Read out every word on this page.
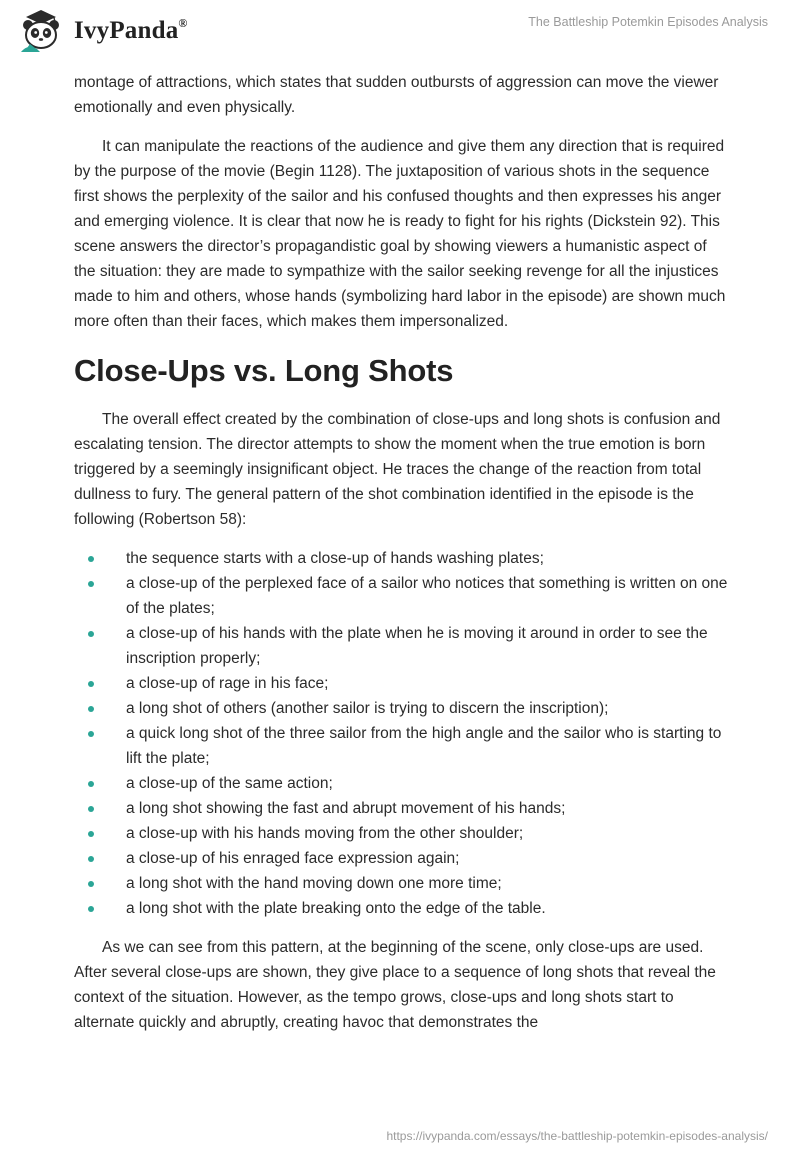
IvyPanda®	The Battleship Potemkin Episodes Analysis

montage of attractions, which states that sudden outbursts of aggression can move the viewer emotionally and even physically.

It can manipulate the reactions of the audience and give them any direction that is required by the purpose of the movie (Begin 1128). The juxtaposition of various shots in the sequence first shows the perplexity of the sailor and his confused thoughts and then expresses his anger and emerging violence. It is clear that now he is ready to fight for his rights (Dickstein 92). This scene answers the director’s propagandistic goal by showing viewers a humanistic aspect of the situation: they are made to sympathize with the sailor seeking revenge for all the injustices made to him and others, whose hands (symbolizing hard labor in the episode) are shown much more often than their faces, which makes them impersonalized.

Close-Ups vs. Long Shots

The overall effect created by the combination of close-ups and long shots is confusion and escalating tension. The director attempts to show the moment when the true emotion is born triggered by a seemingly insignificant object. He traces the change of the reaction from total dullness to fury. The general pattern of the shot combination identified in the episode is the following (Robertson 58):

the sequence starts with a close-up of hands washing plates;
a close-up of the perplexed face of a sailor who notices that something is written on one of the plates;
a close-up of his hands with the plate when he is moving it around in order to see the inscription properly;
a close-up of rage in his face;
a long shot of others (another sailor is trying to discern the inscription);
a quick long shot of the three sailor from the high angle and the sailor who is starting to lift the plate;
a close-up of the same action;
a long shot showing the fast and abrupt movement of his hands;
a close-up with his hands moving from the other shoulder;
a close-up of his enraged face expression again;
a long shot with the hand moving down one more time;
a long shot with the plate breaking onto the edge of the table.

As we can see from this pattern, at the beginning of the scene, only close-ups are used. After several close-ups are shown, they give place to a sequence of long shots that reveal the context of the situation. However, as the tempo grows, close-ups and long shots start to alternate quickly and abruptly, creating havoc that demonstrates the

https://ivypanda.com/essays/the-battleship-potemkin-episodes-analysis/
